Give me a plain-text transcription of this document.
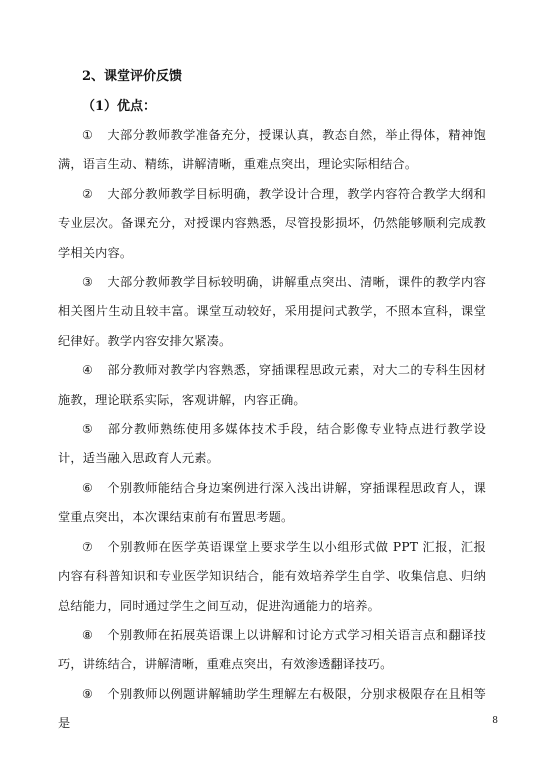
2、课堂评价反馈
（1）优点：

① 大部分教师教学准备充分，授课认真，教态自然，举止得体，精神饱满，语言生动、精练，讲解清晰，重难点突出，理论实际相结合。

② 大部分教师教学目标明确，教学设计合理，教学内容符合教学大纲和专业层次。备课充分，对授课内容熟悉，尽管投影损坏，仍然能够顺利完成教学相关内容。

③ 大部分教师教学目标较明确，讲解重点突出、清晰，课件的教学内容相关图片生动且较丰富。课堂互动较好，采用提问式教学，不照本宣科，课堂纪律好。教学内容安排欠紧凑。

④ 部分教师对教学内容熟悉，穿插课程思政元素，对大二的专科生因材施教，理论联系实际，客观讲解，内容正确。

⑤ 部分教师熟练使用多媒体技术手段，结合影像专业特点进行教学设计，适当融入思政育人元素。

⑥ 个别教师能结合身边案例进行深入浅出讲解，穿插课程思政育人，课堂重点突出，本次课结束前有布置思考题。

⑦ 个别教师在医学英语课堂上要求学生以小组形式做 PPT 汇报，汇报内容有科普知识和专业医学知识结合，能有效培养学生自学、收集信息、归纳总结能力，同时通过学生之间互动，促进沟通能力的培养。

⑧ 个别教师在拓展英语课上以讲解和讨论方式学习相关语言点和翻译技巧，讲练结合，讲解清晰，重难点突出，有效渗透翻译技巧。

⑨ 个别教师以例题讲解辅助学生理解左右极限，分别求极限存在且相等是	8
